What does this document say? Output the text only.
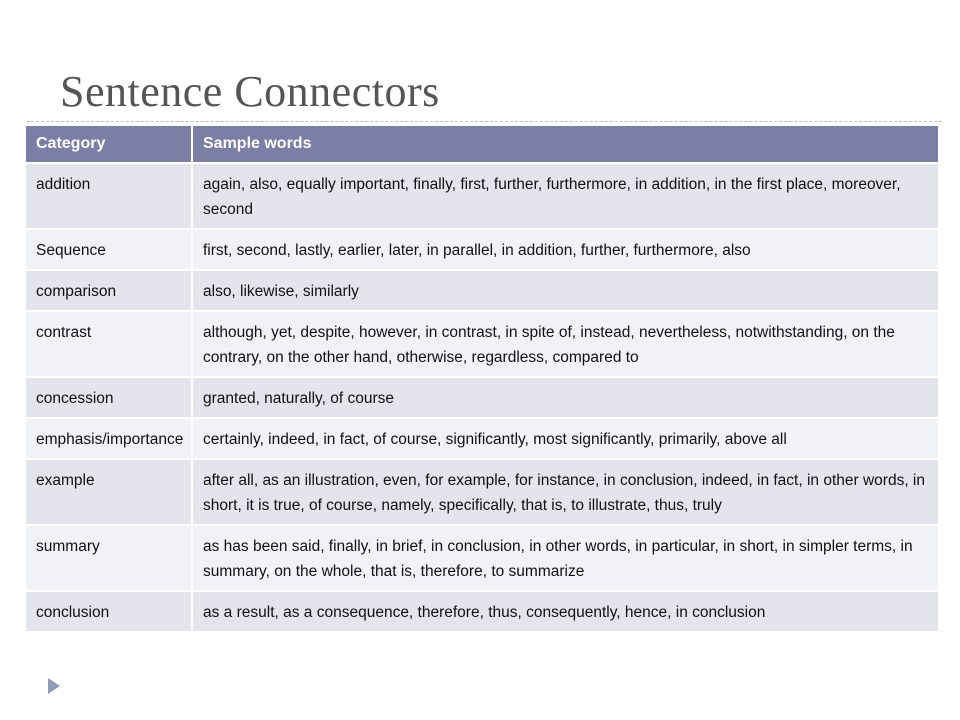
Sentence Connectors
Category	Sample words
addition	again, also, equally important, finally, first, further, furthermore, in addition, in the first place, moreover, second
Sequence	first, second, lastly, earlier, later, in parallel, in addition, further, furthermore, also
comparison	also, likewise, similarly
contrast	although, yet, despite, however, in contrast, in spite of, instead, nevertheless, notwithstanding, on the contrary, on the other hand, otherwise, regardless, compared to
concession	granted, naturally, of course
emphasis/importance	certainly, indeed, in fact, of course, significantly, most significantly, primarily, above all
example	after all, as an illustration, even, for example, for instance, in conclusion, indeed, in fact, in other words, in short, it is true, of course, namely, specifically, that is, to illustrate, thus, truly
summary	as has been said, finally, in brief, in conclusion, in other words, in particular, in short, in simpler terms, in summary, on the whole, that is, therefore, to summarize
conclusion	as a result, as a consequence, therefore, thus, consequently, hence, in conclusion
